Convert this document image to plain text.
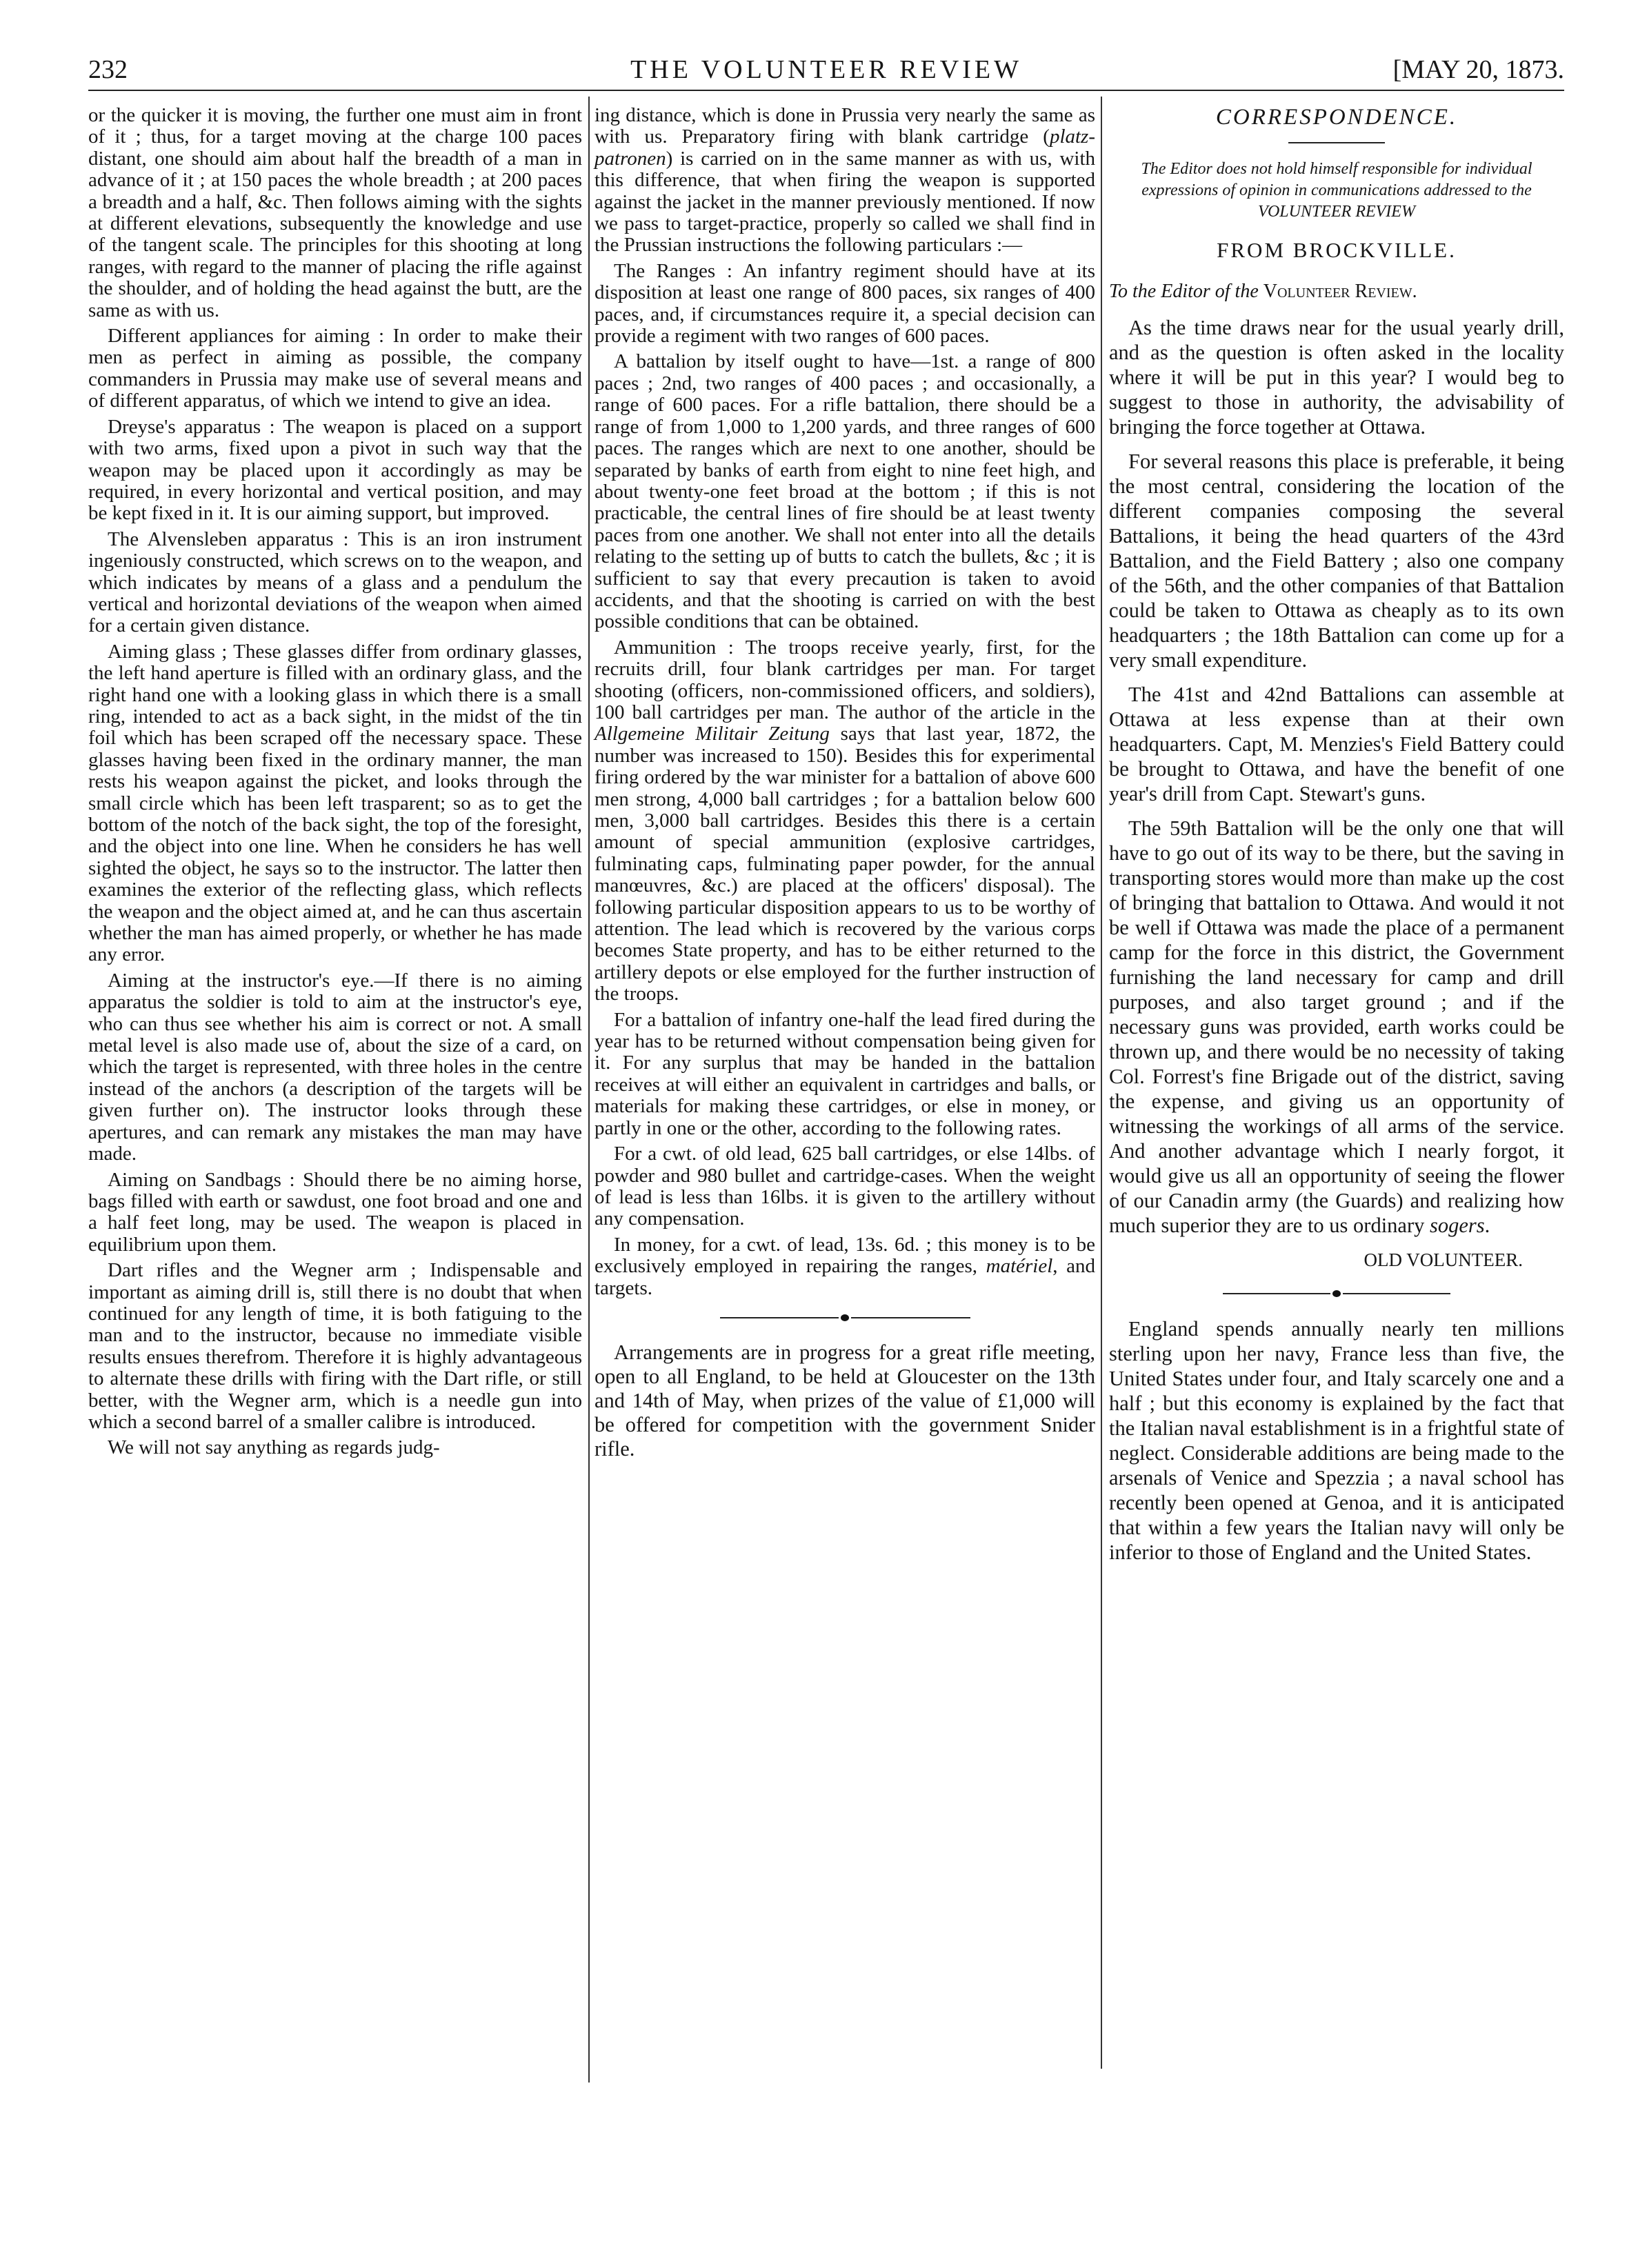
232	THE VOLUNTEER REVIEW	[MAY 20, 1873.

or the quicker it is moving, the further one must aim in front of it ; thus, for a target moving at the charge 100 paces distant, one should aim about half the breadth of a man in advance of it ; at 150 paces the whole breadth ; at 200 paces a breadth and a half, &c. Then follows aiming with the sights at different elevations, subsequently the knowledge and use of the tangent scale. The principles for this shooting at long ranges, with regard to the manner of placing the rifle against the shoulder, and of holding the head against the butt, are the same as with us.

Different appliances for aiming : In order to make their men as perfect in aiming as possible, the company commanders in Prussia may make use of several means and of different apparatus, of which we intend to give an idea.

Dreyse's apparatus : The weapon is placed on a support with two arms, fixed upon a pivot in such way that the weapon may be placed upon it accordingly as may be required, in every horizontal and vertical position, and may be kept fixed in it. It is our aiming support, but improved.

The Alvensleben apparatus : This is an iron instrument ingeniously constructed, which screws on to the weapon, and which indicates by means of a glass and a pendulum the vertical and horizontal deviations of the weapon when aimed for a certain given distance.

Aiming glass ; These glasses differ from ordinary glasses, the left hand aperture is filled with an ordinary glass, and the right hand one with a looking glass in which there is a small ring, intended to act as a back sight, in the midst of the tin foil which has been scraped off the necessary space. These glasses having been fixed in the ordinary manner, the man rests his weapon against the picket, and looks through the small circle which has been left trasparent; so as to get the bottom of the notch of the back sight, the top of the foresight, and the object into one line. When he considers he has well sighted the object, he says so to the instructor. The latter then examines the exterior of the reflecting glass, which reflects the weapon and the object aimed at, and he can thus ascertain whether the man has aimed properly, or whether he has made any error.

Aiming at the instructor's eye.—If there is no aiming apparatus the soldier is told to aim at the instructor's eye, who can thus see whether his aim is correct or not. A small metal level is also made use of, about the size of a card, on which the target is represented, with three holes in the centre instead of the anchors (a description of the targets will be given further on). The instructor looks through these apertures, and can remark any mistakes the man may have made.

Aiming on Sandbags : Should there be no aiming horse, bags filled with earth or sawdust, one foot broad and one and a half feet long, may be used. The weapon is placed in equilibrium upon them.

Dart rifles and the Wegner arm ; Indispensable and important as aiming drill is, still there is no doubt that when continued for any length of time, it is both fatiguing to the man and to the instructor, because no immediate visible results ensues therefrom. Therefore it is highly advantageous to alternate these drills with firing with the Dart rifle, or still better, with the Wegner arm, which is a needle gun into which a second barrel of a smaller calibre is introduced.

We will not say anything as regards judg-

ing distance, which is done in Prussia very nearly the same as with us. Preparatory firing with blank cartridge (platz-patronen) is carried on in the same manner as with us, with this difference, that when firing the weapon is supported against the jacket in the manner previously mentioned. If now we pass to target-practice, properly so called we shall find in the Prussian instructions the following particulars :—

The Ranges : An infantry regiment should have at its disposition at least one range of 800 paces, six ranges of 400 paces, and, if circumstances require it, a special decision can provide a regiment with two ranges of 600 paces.

A battalion by itself ought to have—1st. a range of 800 paces ; 2nd, two ranges of 400 paces ; and occasionally, a range of 600 paces. For a rifle battalion, there should be a range of from 1,000 to 1,200 yards, and three ranges of 600 paces. The ranges which are next to one another, should be separated by banks of earth from eight to nine feet high, and about twenty-one feet broad at the bottom ; if this is not practicable, the central lines of fire should be at least twenty paces from one another. We shall not enter into all the details relating to the setting up of butts to catch the bullets, &c ; it is sufficient to say that every precaution is taken to avoid accidents, and that the shooting is carried on with the best possible conditions that can be obtained.

Ammunition : The troops receive yearly, first, for the recruits drill, four blank cartridges per man. For target shooting (officers, non-commissioned officers, and soldiers), 100 ball cartridges per man. The author of the article in the Allgemeine Militair Zeitung says that last year, 1872, the number was increased to 150). Besides this for experimental firing ordered by the war minister for a battalion of above 600 men strong, 4,000 ball cartridges ; for a battalion below 600 men, 3,000 ball cartridges. Besides this there is a certain amount of special ammunition (explosive cartridges, fulminating caps, fulminating paper powder, for the annual manœuvres, &c.) are placed at the officers' disposal). The following particular disposition appears to us to be worthy of attention. The lead which is recovered by the various corps becomes State property, and has to be either returned to the artillery depots or else employed for the further instruction of the troops.

For a battalion of infantry one-half the lead fired during the year has to be returned without compensation being given for it. For any surplus that may be handed in the battalion receives at will either an equivalent in cartridges and balls, or materials for making these cartridges, or else in money, or partly in one or the other, according to the following rates.

For a cwt. of old lead, 625 ball cartridges, or else 14lbs. of powder and 980 bullet and cartridge-cases. When the weight of lead is less than 16lbs. it is given to the artillery without any compensation.

In money, for a cwt. of lead, 13s. 6d. ; this money is to be exclusively employed in repairing the ranges, matériel, and targets.

Arrangements are in progress for a great rifle meeting, open to all England, to be held at Gloucester on the 13th and 14th of May, when prizes of the value of £1,000 will be offered for competition with the government Snider rifle.

CORRESPONDENCE.
The Editor does not hold himself responsible for individual expressions of opinion in communications addressed to the VOLUNTEER REVIEW
FROM BROCKVILLE.
To the Editor of the Volunteer Review.

As the time draws near for the usual yearly drill, and as the question is often asked in the locality where it will be put in this year? I would beg to suggest to those in authority, the advisability of bringing the force together at Ottawa.

For several reasons this place is preferable, it being the most central, considering the location of the different companies composing the several Battalions, it being the head quarters of the 43rd Battalion, and the Field Battery ; also one company of the 56th, and the other companies of that Battalion could be taken to Ottawa as cheaply as to its own headquarters ; the 18th Battalion can come up for a very small expenditure.

The 41st and 42nd Battalions can assemble at Ottawa at less expense than at their own headquarters. Capt, M. Menzies's Field Battery could be brought to Ottawa, and have the benefit of one year's drill from Capt. Stewart's guns.

The 59th Battalion will be the only one that will have to go out of its way to be there, but the saving in transporting stores would more than make up the cost of bringing that battalion to Ottawa. And would it not be well if Ottawa was made the place of a permanent camp for the force in this district, the Government furnishing the land necessary for camp and drill purposes, and also target ground ; and if the necessary guns was provided, earth works could be thrown up, and there would be no necessity of taking Col. Forrest's fine Brigade out of the district, saving the expense, and giving us an opportunity of witnessing the workings of all arms of the service. And another advantage which I nearly forgot, it would give us all an opportunity of seeing the flower of our Canadin army (the Guards) and realizing how much superior they are to us ordinary sogers.

OLD VOLUNTEER.

England spends annually nearly ten millions sterling upon her navy, France less than five, the United States under four, and Italy scarcely one and a half ; but this economy is explained by the fact that the Italian naval establishment is in a frightful state of neglect. Considerable additions are being made to the arsenals of Venice and Spezzia ; a naval school has recently been opened at Genoa, and it is anticipated that within a few years the Italian navy will only be inferior to those of England and the United States.
